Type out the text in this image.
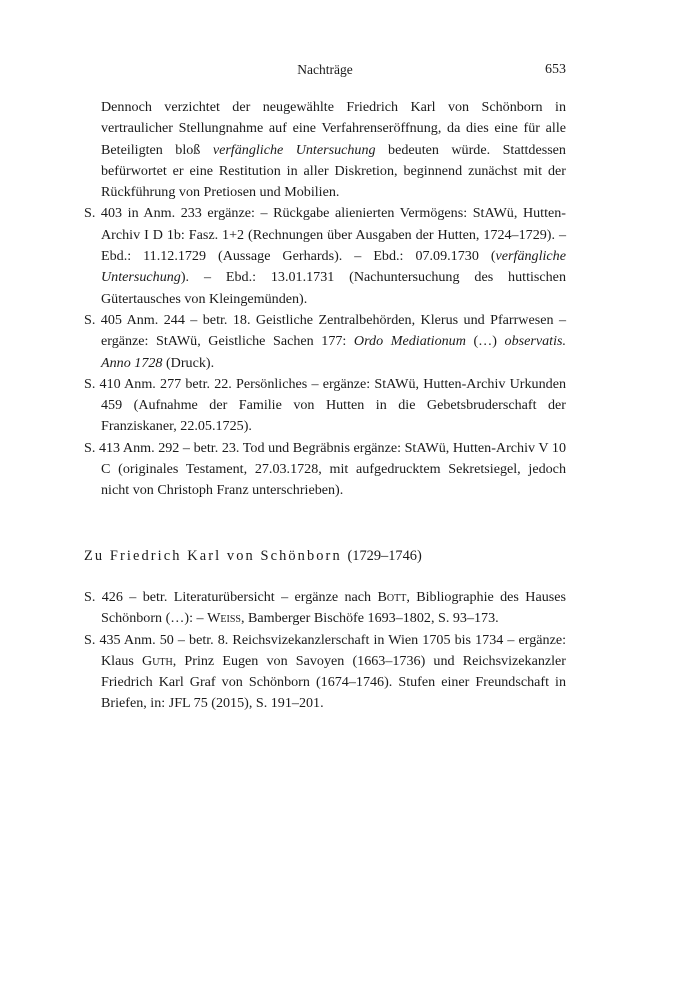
Nachträge	653

Dennoch verzichtet der neugewählte Friedrich Karl von Schönborn in vertraulicher Stellungnahme auf eine Verfahrenseröffnung, da dies eine für alle Beteiligten bloß verfängliche Untersuchung bedeuten würde. Stattdessen befürwortet er eine Restitution in aller Diskretion, beginnend zunächst mit der Rückführung von Pretiosen und Mobilien.

S. 403 in Anm. 233 ergänze: – Rückgabe alienierten Vermögens: StAWü, Hutten-Archiv I D 1b: Fasz. 1+2 (Rechnungen über Ausgaben der Hutten, 1724–1729). – Ebd.: 11.12.1729 (Aussage Gerhards). – Ebd.: 07.09.1730 (verfängliche Untersuchung). – Ebd.: 13.01.1731 (Nachuntersuchung des huttischen Gütertausches von Kleingemünden).

S. 405 Anm. 244 – betr. 18. Geistliche Zentralbehörden, Klerus und Pfarrwesen – ergänze: StAWü, Geistliche Sachen 177: Ordo Mediationum (…) observatis. Anno 1728 (Druck).

S. 410 Anm. 277 betr. 22. Persönliches – ergänze: StAWü, Hutten-Archiv Urkunden 459 (Aufnahme der Familie von Hutten in die Gebetsbruderschaft der Franziskaner, 22.05.1725).

S. 413 Anm. 292 – betr. 23. Tod und Begräbnis ergänze: StAWü, Hutten-Archiv V 10 C (originales Testament, 27.03.1728, mit aufgedrucktem Sekretsiegel, jedoch nicht von Christoph Franz unterschrieben).

Zu Friedrich Karl von Schönborn (1729–1746)

S. 426 – betr. Literaturübersicht – ergänze nach Bott, Bibliographie des Hauses Schönborn (…): – Weiss, Bamberger Bischöfe 1693–1802, S. 93–173.

S. 435 Anm. 50 – betr. 8. Reichsvizekanzlerschaft in Wien 1705 bis 1734 – ergänze: Klaus Guth, Prinz Eugen von Savoyen (1663–1736) und Reichsvizekanzler Friedrich Karl Graf von Schönborn (1674–1746). Stufen einer Freundschaft in Briefen, in: JFL 75 (2015), S. 191–201.
